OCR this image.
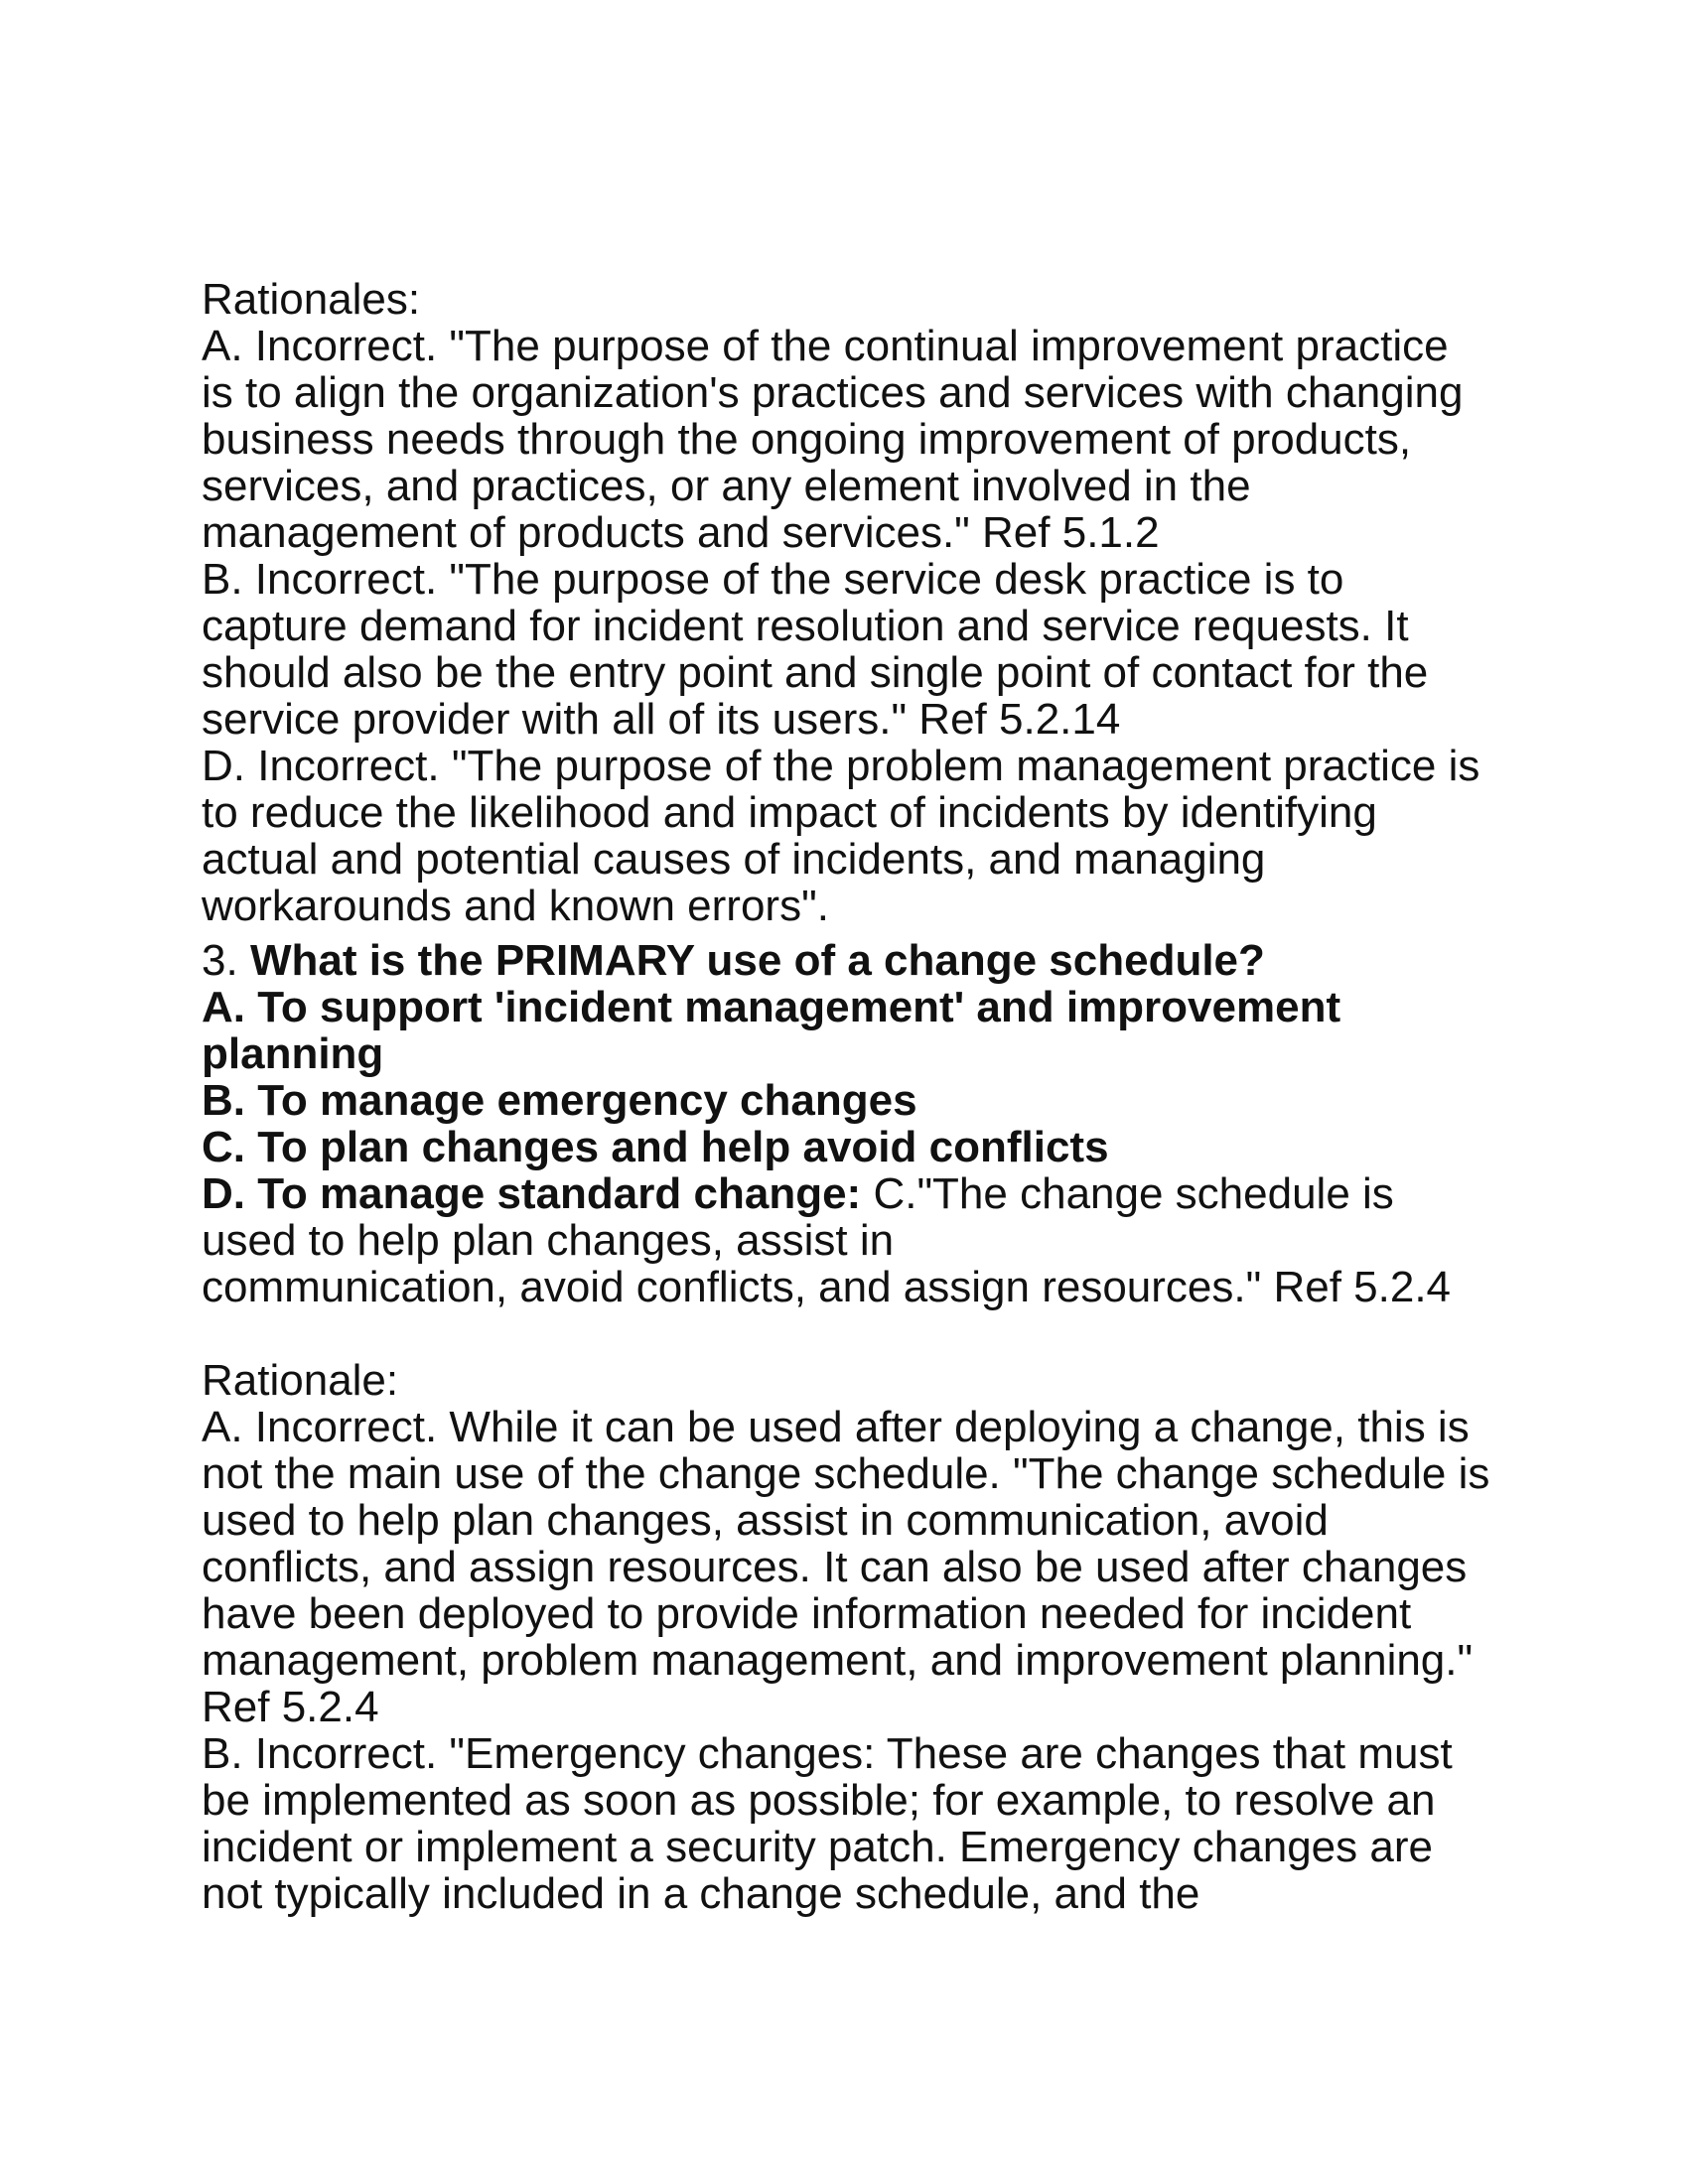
Rationales:
A. Incorrect. "The purpose of the continual improvement practice
is to align the organization's practices and services with changing
business needs through the ongoing improvement of products,
services, and practices, or any element involved in the
management of products and services." Ref 5.1.2
B. Incorrect. "The purpose of the service desk practice is to
capture demand for incident resolution and service requests. It
should also be the entry point and single point of contact for the
service provider with all of its users." Ref 5.2.14
D. Incorrect. "The purpose of the problem management practice is
to reduce the likelihood and impact of incidents by identifying
actual and potential causes of incidents, and managing
workarounds and known errors".
3. What is the PRIMARY use of a change schedule?
A. To support 'incident management' and improvement
planning
B. To manage emergency changes
C. To plan changes and help avoid conflicts
D. To manage standard change: C."The change schedule is
used to help plan changes, assist in
communication, avoid conflicts, and assign resources." Ref 5.2.4
Rationale:
A. Incorrect. While it can be used after deploying a change, this is
not the main use of the change schedule. "The change schedule is
used to help plan changes, assist in communication, avoid
conflicts, and assign resources. It can also be used after changes
have been deployed to provide information needed for incident
management, problem management, and improvement planning."
Ref 5.2.4
B. Incorrect. "Emergency changes: These are changes that must
be implemented as soon as possible; for example, to resolve an
incident or implement a security patch. Emergency changes are
not typically included in a change schedule, and the
